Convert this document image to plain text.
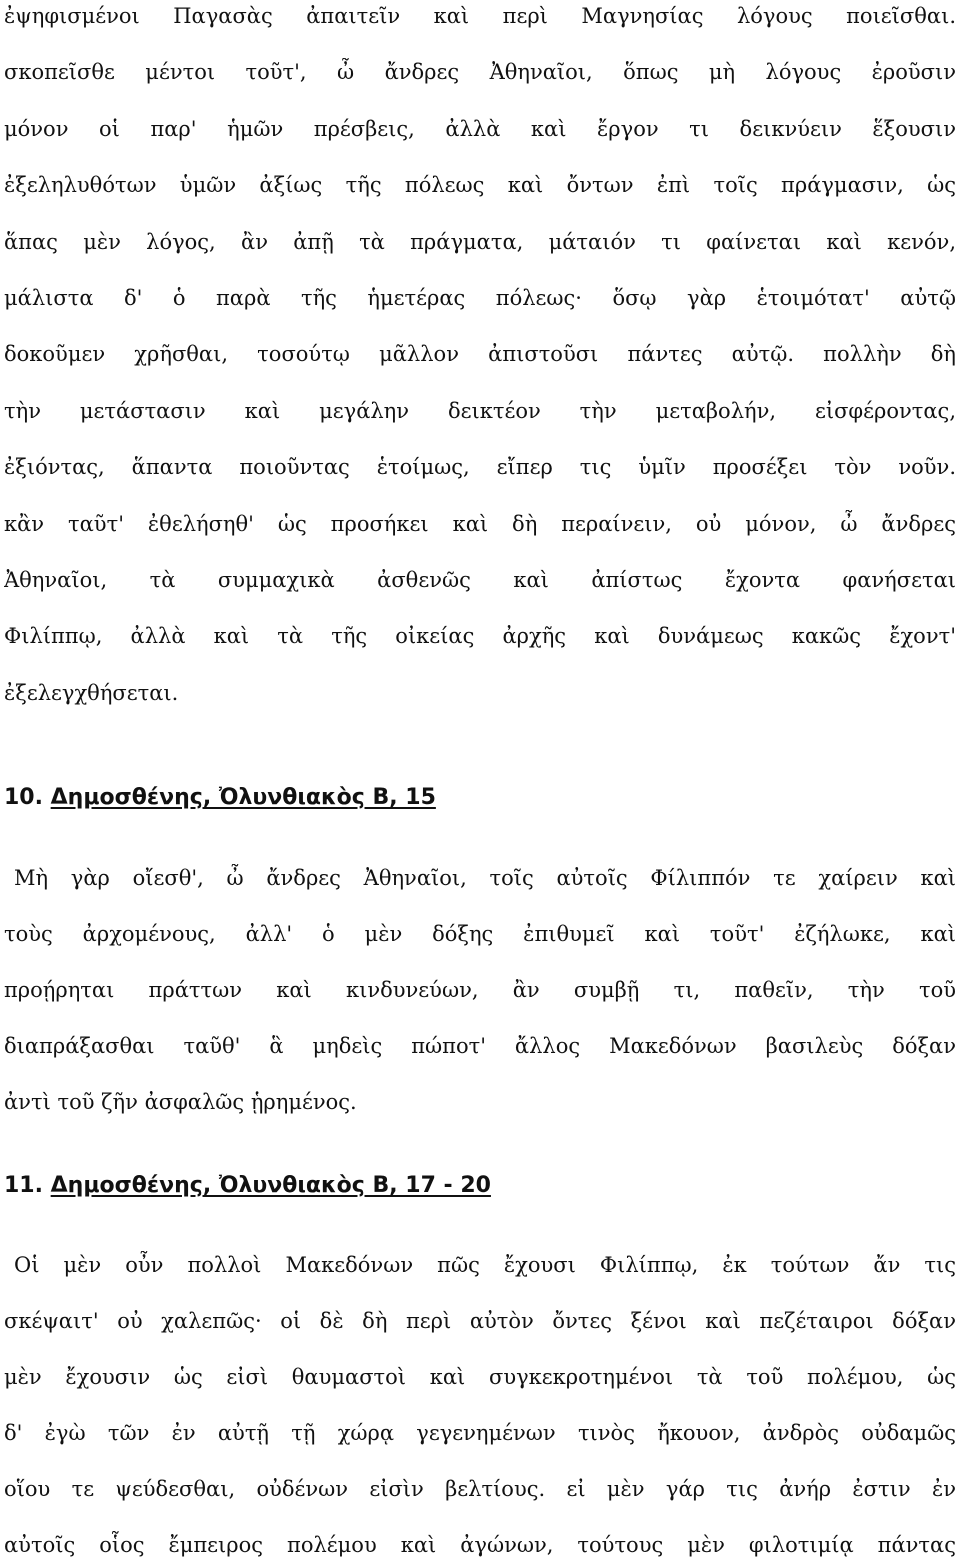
ἐψηφισμένοι Παγασὰς ἀπαιτεῖν καὶ περὶ Μαγνησίας λόγους ποιεῖσθαι.
σκοπεῖσθε μέντοι τοῦτ', ὦ ἄνδρες Ἀθηναῖοι, ὅπως μὴ λόγους ἐροῦσιν
μόνον οἱ παρ' ἡμῶν πρέσβεις, ἀλλὰ καὶ ἔργον τι δεικνύειν ἕξουσιν
ἐξεληλυθότων ὑμῶν ἀξίως τῆς πόλεως καὶ ὄντων ἐπὶ τοῖς πράγμασιν, ὡς
ἅπας μὲν λόγος, ἂν ἀπῇ τὰ πράγματα, μάταιόν τι φαίνεται καὶ κενόν,
μάλιστα δ' ὁ παρὰ τῆς ἡμετέρας πόλεως· ὅσῳ γὰρ ἑτοιμότατ' αὐτῷ
δοκοῦμεν χρῆσθαι, τοσούτῳ μᾶλλον ἀπιστοῦσι πάντες αὐτῷ. πολλὴν δὴ
τὴν μετάστασιν καὶ μεγάλην δεικτέον τὴν μεταβολήν, εἰσφέροντας,
ἐξιόντας, ἅπαντα ποιοῦντας ἑτοίμως, εἴπερ τις ὑμῖν προσέξει τὸν νοῦν.
κἂν ταῦτ' ἐθελήσηθ' ὡς προσήκει καὶ δὴ περαίνειν, οὐ μόνον, ὦ ἄνδρες
Ἀθηναῖοι, τὰ συμμαχικὰ ἀσθενῶς καὶ ἀπίστως ἔχοντα φανήσεται
Φιλίππῳ, ἀλλὰ καὶ τὰ τῆς οἰκείας ἀρχῆς καὶ δυνάμεως κακῶς ἔχοντ'
ἐξελεγχθήσεται.
10. Δημοσθένης, Ὀλυνθιακὸς Β, 15
Μὴ γὰρ οἴεσθ', ὦ ἄνδρες Ἀθηναῖοι, τοῖς αὐτοῖς Φίλιππόν τε χαίρειν καὶ
τοὺς ἀρχομένους, ἀλλ' ὁ μὲν δόξης ἐπιθυμεῖ καὶ τοῦτ' ἐζήλωκε, καὶ
προῄρηται πράττων καὶ κινδυνεύων, ἂν συμβῇ τι, παθεῖν, τὴν τοῦ
διαπράξασθαι ταῦθ' ἃ μηδεὶς πώποτ' ἄλλος Μακεδόνων βασιλεὺς δόξαν
ἀντὶ τοῦ ζῆν ἀσφαλῶς ᾑρημένος.
11. Δημοσθένης, Ὀλυνθιακὸς Β, 17 - 20
Οἱ μὲν οὖν πολλοὶ Μακεδόνων πῶς ἔχουσι Φιλίππῳ, ἐκ τούτων ἄν τις
σκέψαιτ' οὐ χαλεπῶς· οἱ δὲ δὴ περὶ αὐτὸν ὄντες ξένοι καὶ πεζέταιροι δόξαν
μὲν ἔχουσιν ὡς εἰσὶ θαυμαστοὶ καὶ συγκεκροτημένοι τὰ τοῦ πολέμου, ὡς
δ' ἐγὼ τῶν ἐν αὐτῇ τῇ χώρᾳ γεγενημένων τινὸς ἤκουον, ἀνδρὸς οὐδαμῶς
οἵου τε ψεύδεσθαι, οὐδένων εἰσὶν βελτίους. εἰ μὲν γάρ τις ἀνήρ ἐστιν ἐν
αὐτοῖς οἷος ἔμπειρος πολέμου καὶ ἀγώνων, τούτους μὲν φιλοτιμίᾳ πάντας
